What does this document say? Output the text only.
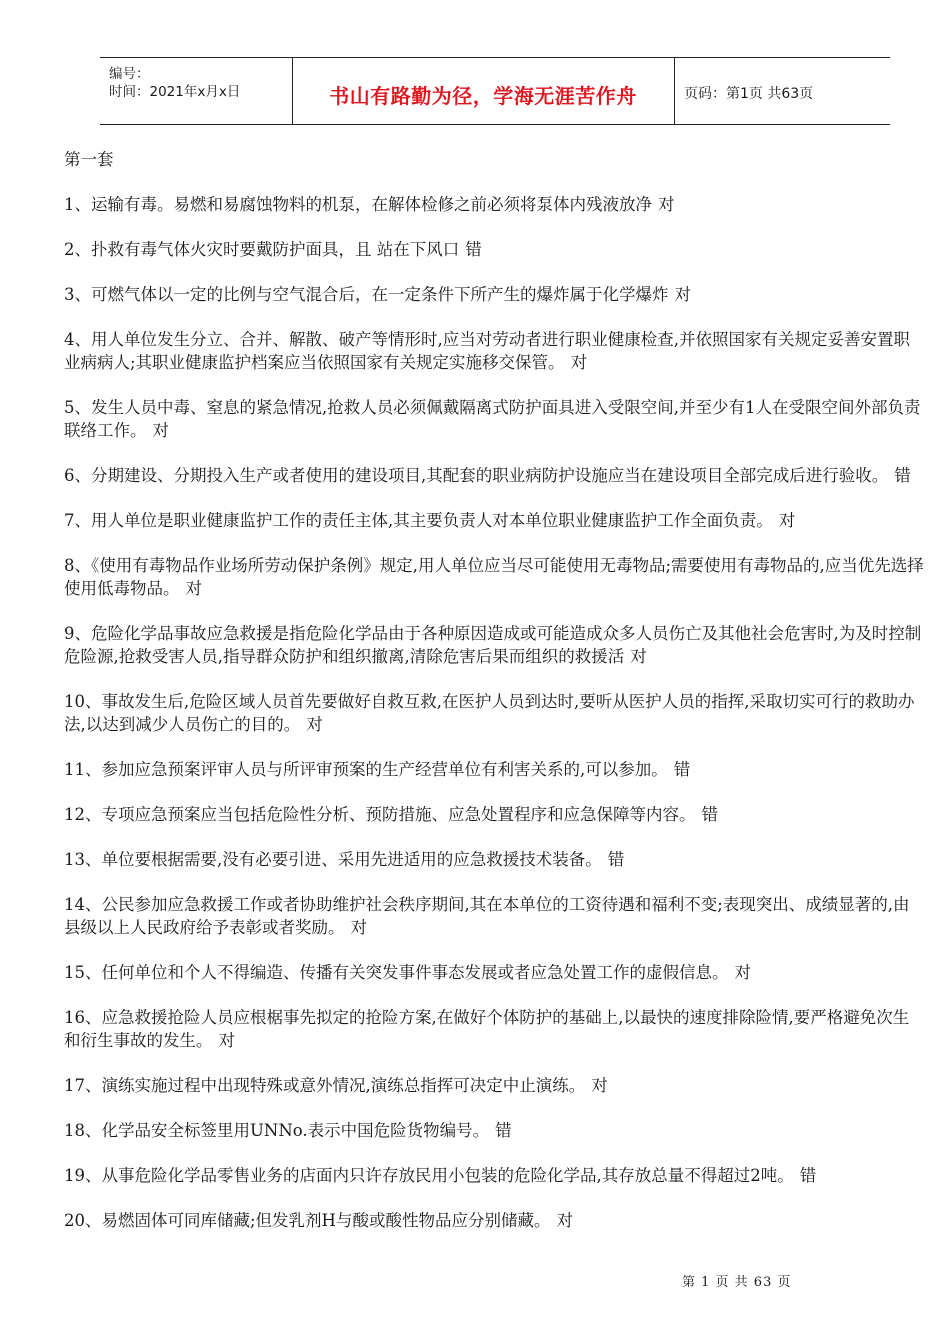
编号：
时间：2021年x月x日	书山有路勤为径，学海无涯苦作舟	页码：第1页 共63页
第一套
1、运输有毒。易燃和易腐蚀物料的机泵，在解体检修之前必须将泵体内残液放净 对
2、扑救有毒气体火灾时要戴防护面具，且 站在下风口 错
3、可燃气体以一定的比例与空气混合后，在一定条件下所产生的爆炸属于化学爆炸 对
4、用人单位发生分立、合并、解散、破产等情形时,应当对劳动者进行职业健康检查,并依照国家有关规定妥善安置职业病病人;其职业健康监护档案应当依照国家有关规定实施移交保管。 对
5、发生人员中毒、窒息的紧急情况,抢救人员必须佩戴隔离式防护面具进入受限空间,并至少有1人在受限空间外部负责联络工作。 对
6、分期建设、分期投入生产或者使用的建设项目,其配套的职业病防护设施应当在建设项目全部完成后进行验收。 错
7、用人单位是职业健康监护工作的责任主体,其主要负责人对本单位职业健康监护工作全面负责。 对
8、《使用有毒物品作业场所劳动保护条例》规定,用人单位应当尽可能使用无毒物品;需要使用有毒物品的,应当优先选择使用低毒物品。 对
9、危险化学品事故应急救援是指危险化学品由于各种原因造成或可能造成众多人员伤亡及其他社会危害时,为及时控制危险源,抢救受害人员,指导群众防护和组织撤离,清除危害后果而组织的救援活 对
10、事故发生后,危险区域人员首先要做好自救互救,在医护人员到达时,要听从医护人员的指挥,采取切实可行的救助办法,以达到减少人员伤亡的目的。 对
11、参加应急预案评审人员与所评审预案的生产经营单位有利害关系的,可以参加。 错
12、专项应急预案应当包括危险性分析、预防措施、应急处置程序和应急保障等内容。 错
13、单位要根据需要,没有必要引进、采用先进适用的应急救援技术装备。 错
14、公民参加应急救援工作或者协助维护社会秩序期间,其在本单位的工资待遇和福利不变;表现突出、成绩显著的,由县级以上人民政府给予表彰或者奖励。 对
15、任何单位和个人不得编造、传播有关突发事件事态发展或者应急处置工作的虚假信息。 对
16、应急救援抢险人员应根椐事先拟定的抢险方案,在做好个体防护的基础上,以最快的速度排除险情,要严格避免次生和衍生事故的发生。 对
17、演练实施过程中出现特殊或意外情况,演练总指挥可决定中止演练。 对
18、化学品安全标签里用UNNo.表示中国危险货物编号。 错
19、从事危险化学品零售业务的店面内只许存放民用小包装的危险化学品,其存放总量不得超过2吨。 错
20、易燃固体可同库储藏;但发乳剂H与酸或酸性物品应分别储藏。 对
第 1 页 共 63 页
